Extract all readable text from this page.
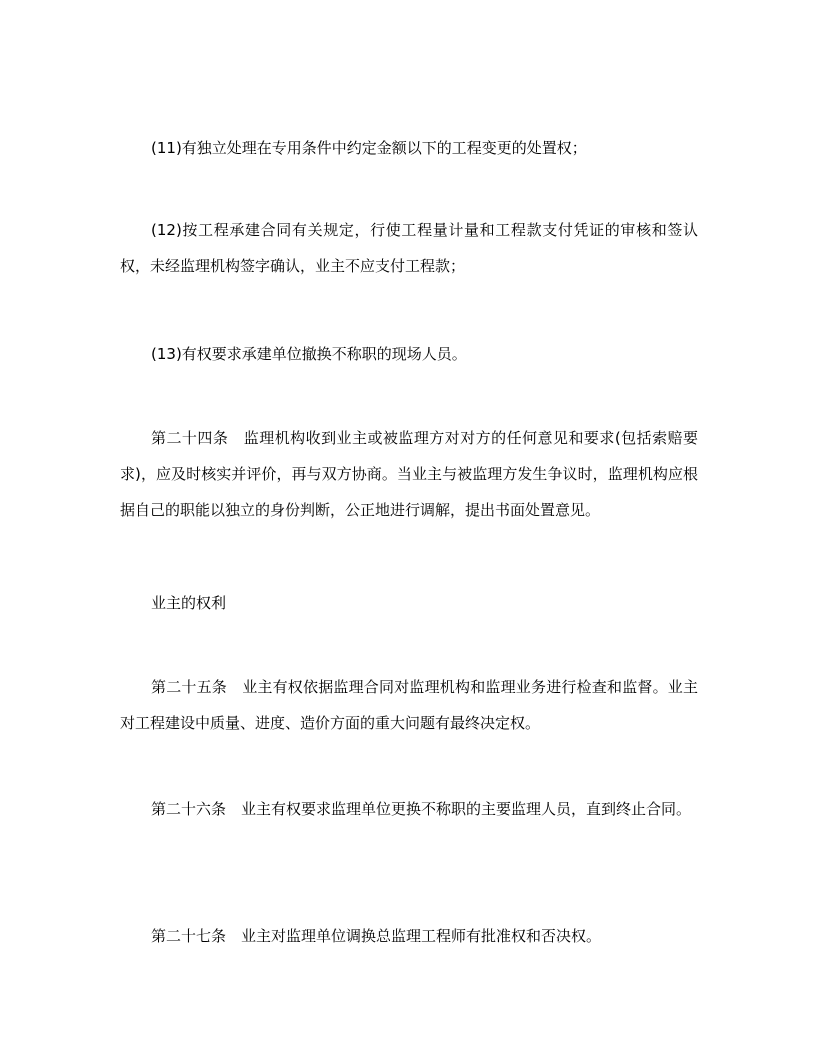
(11)有独立处理在专用条件中约定金额以下的工程变更的处置权；

(12)按工程承建合同有关规定，行使工程量计量和工程款支付凭证的审核和签认权，未经监理机构签字确认，业主不应支付工程款；

(13)有权要求承建单位撤换不称职的现场人员。

第二十四条　监理机构收到业主或被监理方对对方的任何意见和要求(包括索赔要求)，应及时核实并评价，再与双方协商。当业主与被监理方发生争议时，监理机构应根据自己的职能以独立的身份判断，公正地进行调解，提出书面处置意见。

业主的权利

第二十五条　业主有权依据监理合同对监理机构和监理业务进行检查和监督。业主对工程建设中质量、进度、造价方面的重大问题有最终决定权。

第二十六条　业主有权要求监理单位更换不称职的主要监理人员，直到终止合同。

第二十七条　业主对监理单位调换总监理工程师有批准权和否决权。
